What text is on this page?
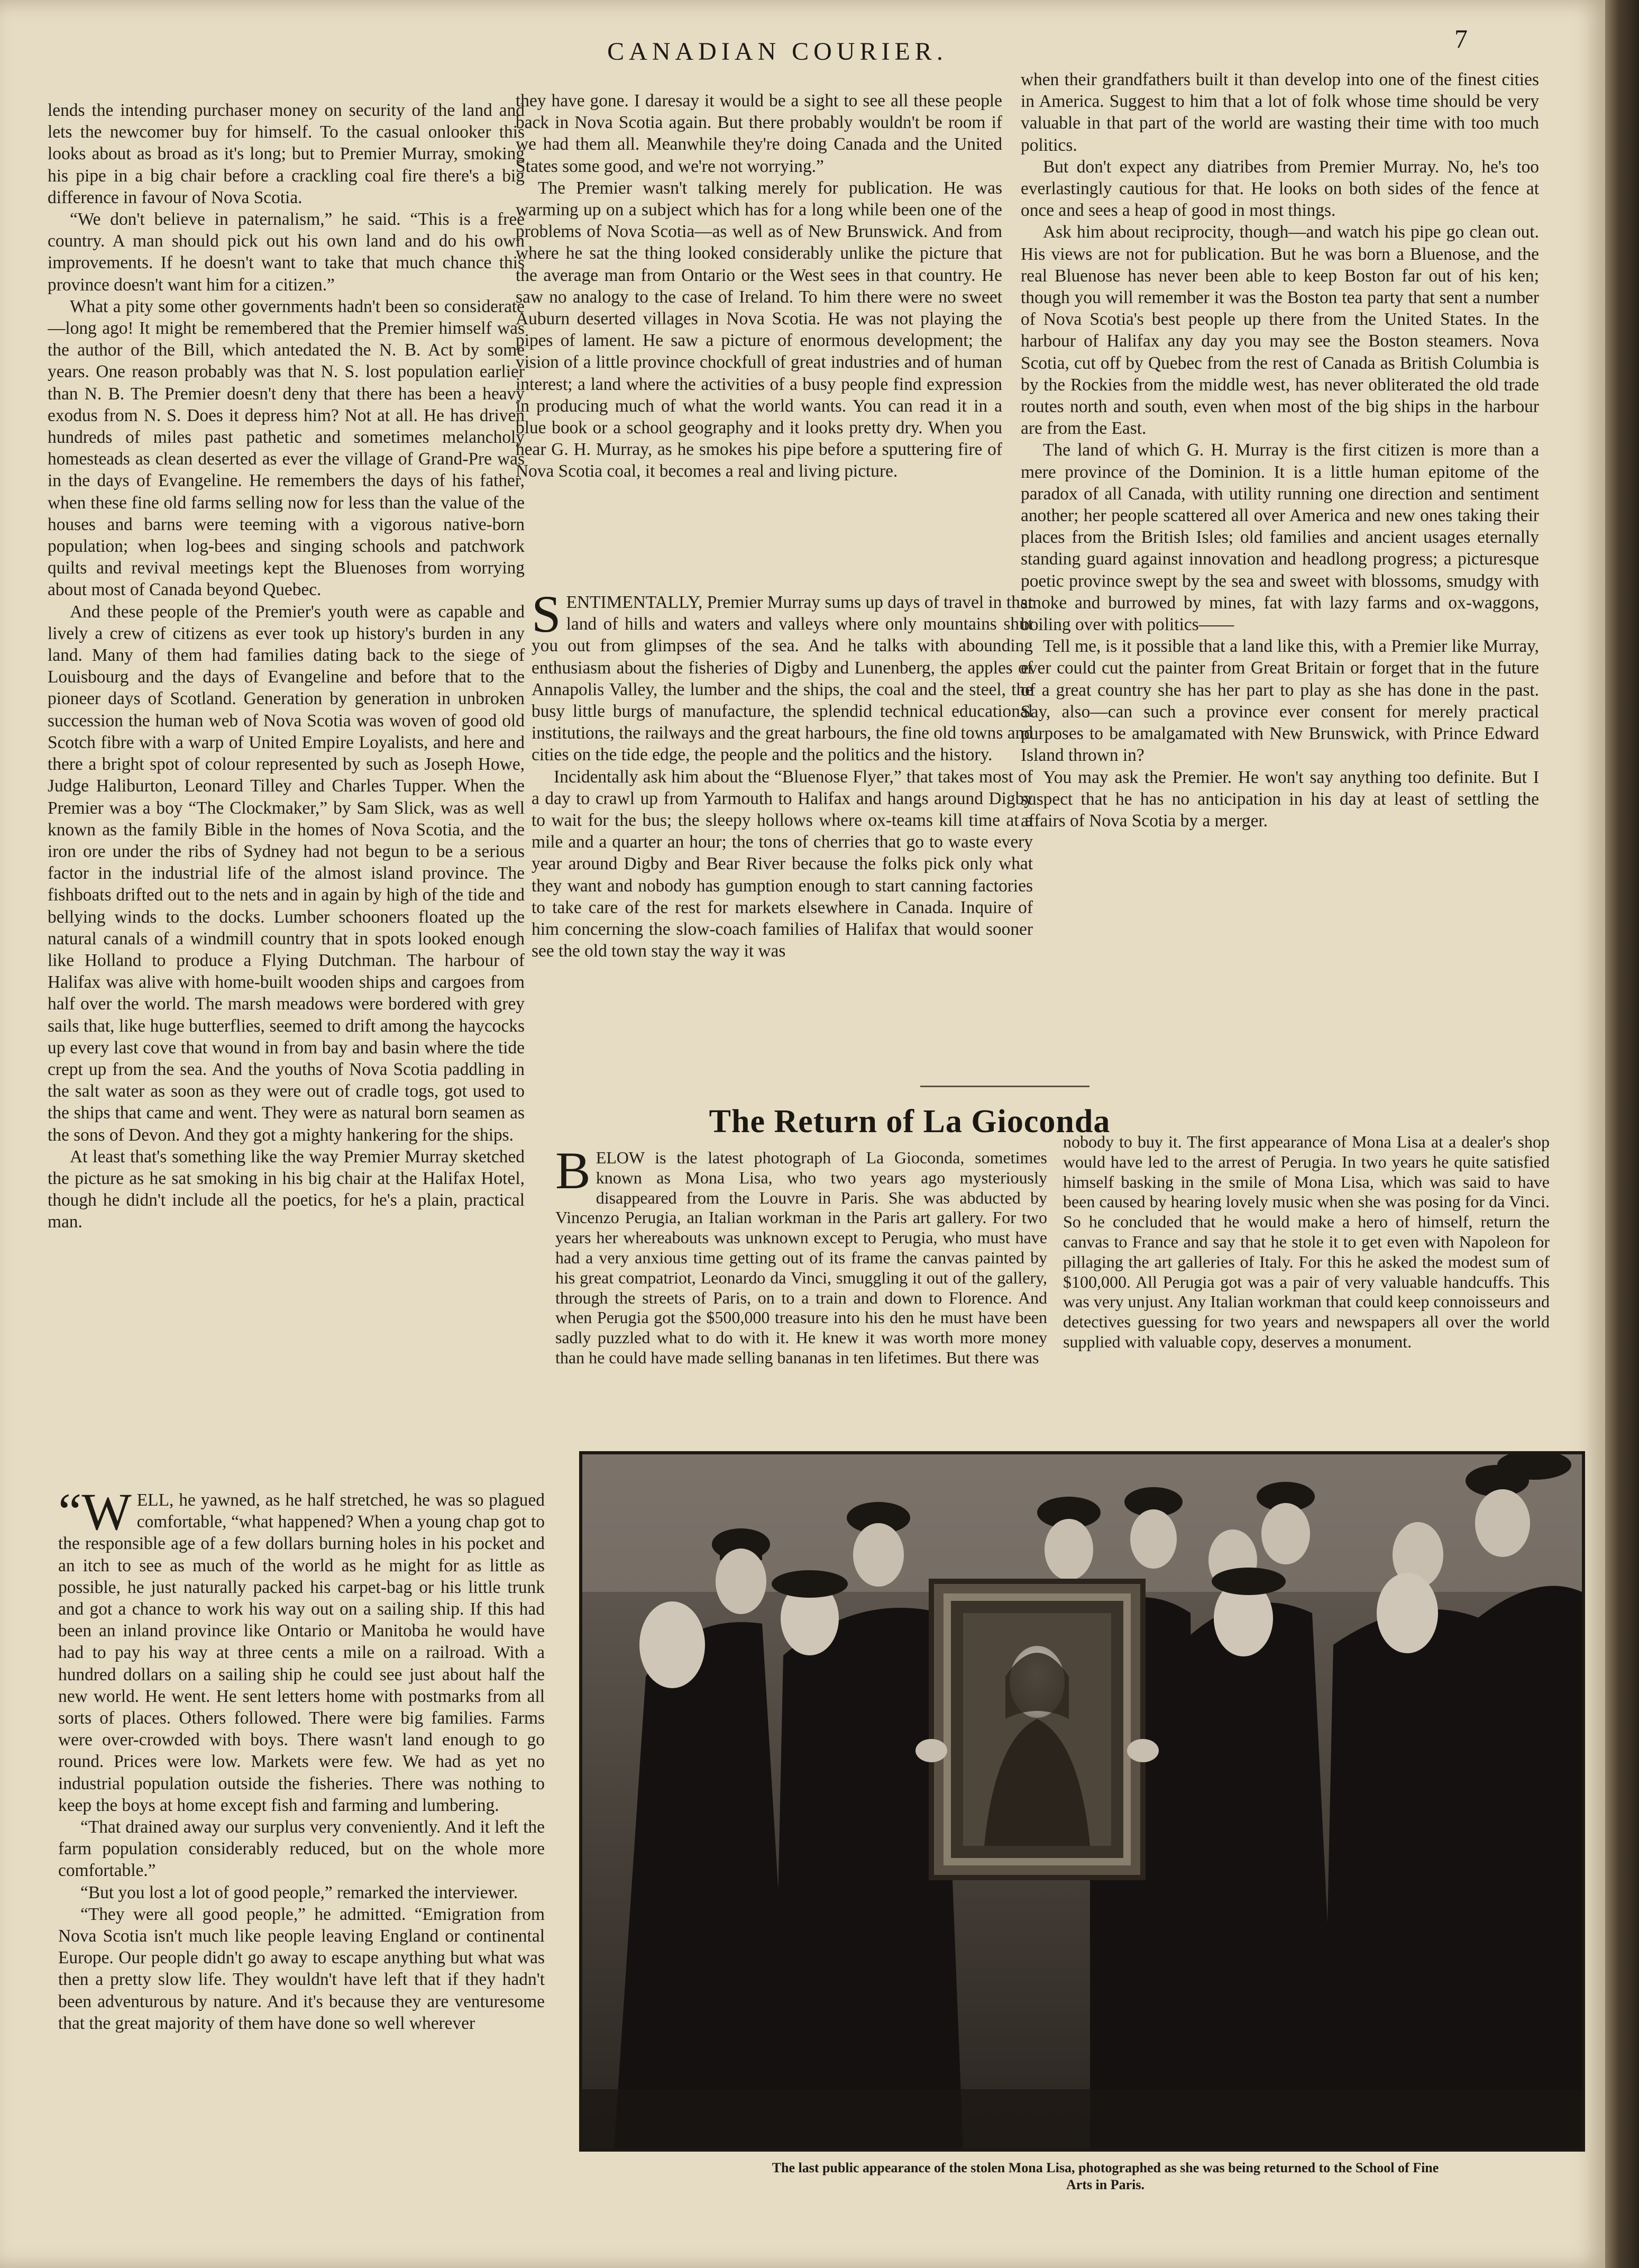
CANADIAN COURIER.	7

lends the intending purchaser money on security of the land and lets the newcomer buy for himself. To the casual onlooker this looks about as broad as it's long; but to Premier Murray, smoking his pipe in a big chair before a crackling coal fire there's a big difference in favour of Nova Scotia.

“We don't believe in paternalism,” he said. “This is a free country. A man should pick out his own land and do his own improvements. If he doesn't want to take that much chance this province doesn't want him for a citizen.”

What a pity some other governments hadn't been so considerate—long ago! It might be remembered that the Premier himself was the author of the Bill, which antedated the N. B. Act by some years. One reason probably was that N. S. lost population earlier than N. B. The Premier doesn't deny that there has been a heavy exodus from N. S. Does it depress him? Not at all. He has driven hundreds of miles past pathetic and sometimes melancholy homesteads as clean deserted as ever the village of Grand-Pre was in the days of Evangeline. He remembers the days of his father, when these fine old farms selling now for less than the value of the houses and barns were teeming with a vigorous native-born population; when log-bees and singing schools and patchwork quilts and revival meetings kept the Bluenoses from worrying about most of Canada beyond Quebec.

And these people of the Premier's youth were as capable and lively a crew of citizens as ever took up history's burden in any land. Many of them had families dating back to the siege of Louisbourg and the days of Evangeline and before that to the pioneer days of Scotland. Generation by generation in unbroken succession the human web of Nova Scotia was woven of good old Scotch fibre with a warp of United Empire Loyalists, and here and there a bright spot of colour represented by such as Joseph Howe, Judge Haliburton, Leonard Tilley and Charles Tupper. When the Premier was a boy “The Clockmaker,” by Sam Slick, was as well known as the family Bible in the homes of Nova Scotia, and the iron ore under the ribs of Sydney had not begun to be a serious factor in the industrial life of the almost island province. The fishboats drifted out to the nets and in again by high of the tide and bellying winds to the docks. Lumber schooners floated up the natural canals of a windmill country that in spots looked enough like Holland to produce a Flying Dutchman. The harbour of Halifax was alive with home-built wooden ships and cargoes from half over the world. The marsh meadows were bordered with grey sails that, like huge butterflies, seemed to drift among the haycocks up every last cove that wound in from bay and basin where the tide crept up from the sea. And the youths of Nova Scotia paddling in the salt water as soon as they were out of cradle togs, got used to the ships that came and went. They were as natural born seamen as the sons of Devon. And they got a mighty hankering for the ships.

At least that's something like the way Premier Murray sketched the picture as he sat smoking in his big chair at the Halifax Hotel, though he didn't include all the poetics, for he's a plain, practical man.

“WELL, he yawned, as he half stretched, he was so plagued comfortable, “what happened? When a young chap got to the responsible age of a few dollars burning holes in his pocket and an itch to see as much of the world as he might for as little as possible, he just naturally packed his carpet-bag or his little trunk and got a chance to work his way out on a sailing ship. If this had been an inland province like Ontario or Manitoba he would have had to pay his way at three cents a mile on a railroad. With a hundred dollars on a sailing ship he could see just about half the new world. He went. He sent letters home with postmarks from all sorts of places. Others followed. There were big families. Farms were over-crowded with boys. There wasn't land enough to go round. Prices were low. Markets were few. We had as yet no industrial population outside the fisheries. There was nothing to keep the boys at home except fish and farming and lumbering.

“That drained away our surplus very conveniently. And it left the farm population considerably reduced, but on the whole more comfortable.”

“But you lost a lot of good people,” remarked the interviewer.

“They were all good people,” he admitted. “Emigration from Nova Scotia isn't much like people leaving England or continental Europe. Our people didn't go away to escape anything but what was then a pretty slow life. They wouldn't have left that if they hadn't been adventurous by nature. And it's because they are venturesome that the great majority of them have done so well wherever

they have gone. I daresay it would be a sight to see all these people back in Nova Scotia again. But there probably wouldn't be room if we had them all. Meanwhile they're doing Canada and the United States some good, and we're not worrying.”

The Premier wasn't talking merely for publication. He was warming up on a subject which has for a long while been one of the problems of Nova Scotia—as well as of New Brunswick. And from where he sat the thing looked considerably unlike the picture that the average man from Ontario or the West sees in that country. He saw no analogy to the case of Ireland. To him there were no sweet Auburn deserted villages in Nova Scotia. He was not playing the pipes of lament. He saw a picture of enormous development; the vision of a little province chockfull of great industries and of human interest; a land where the activities of a busy people find expression in producing much of what the world wants. You can read it in a blue book or a school geography and it looks pretty dry. When you hear G. H. Murray, as he smokes his pipe before a sputtering fire of Nova Scotia coal, it becomes a real and living picture.

SENTIMENTALLY, Premier Murray sums up days of travel in that land of hills and waters and valleys where only mountains shut you out from glimpses of the sea. And he talks with abounding enthusiasm about the fisheries of Digby and Lunenberg, the apples of Annapolis Valley, the lumber and the ships, the coal and the steel, the busy little burgs of manufacture, the splendid technical educational institutions, the railways and the great harbours, the fine old towns and cities on the tide edge, the people and the politics and the history.

Incidentally ask him about the “Bluenose Flyer,” that takes most of a day to crawl up from Yarmouth to Halifax and hangs around Digby to wait for the bus; the sleepy hollows where ox-teams kill time at a mile and a quarter an hour; the tons of cherries that go to waste every year around Digby and Bear River because the folks pick only what they want and nobody has gumption enough to start canning factories to take care of the rest for markets elsewhere in Canada. Inquire of him concerning the slow-coach families of Halifax that would sooner see the old town stay the way it was

when their grandfathers built it than develop into one of the finest cities in America. Suggest to him that a lot of folk whose time should be very valuable in that part of the world are wasting their time with too much politics.

But don't expect any diatribes from Premier Murray. No, he's too everlastingly cautious for that. He looks on both sides of the fence at once and sees a heap of good in most things.

Ask him about reciprocity, though—and watch his pipe go clean out. His views are not for publication. But he was born a Bluenose, and the real Bluenose has never been able to keep Boston far out of his ken; though you will remember it was the Boston tea party that sent a number of Nova Scotia's best people up there from the United States. In the harbour of Halifax any day you may see the Boston steamers. Nova Scotia, cut off by Quebec from the rest of Canada as British Columbia is by the Rockies from the middle west, has never obliterated the old trade routes north and south, even when most of the big ships in the harbour are from the East.

The land of which G. H. Murray is the first citizen is more than a mere province of the Dominion. It is a little human epitome of the paradox of all Canada, with utility running one direction and sentiment another; her people scattered all over America and new ones taking their places from the British Isles; old families and ancient usages eternally standing guard against innovation and headlong progress; a picturesque poetic province swept by the sea and sweet with blossoms, smudgy with smoke and burrowed by mines, fat with lazy farms and ox-waggons, boiling over with politics——

Tell me, is it possible that a land like this, with a Premier like Murray, ever could cut the painter from Great Britain or forget that in the future of a great country she has her part to play as she has done in the past. Say, also—can such a province ever consent for merely practical purposes to be amalgamated with New Brunswick, with Prince Edward Island thrown in?

You may ask the Premier. He won't say anything too definite. But I suspect that he has no anticipation in his day at least of settling the affairs of Nova Scotia by a merger.

The Return of La Gioconda

BELOW is the latest photograph of La Gioconda, sometimes known as Mona Lisa, who two years ago mysteriously disappeared from the Louvre in Paris. She was abducted by Vincenzo Perugia, an Italian workman in the Paris art gallery. For two years her whereabouts was unknown except to Perugia, who must have had a very anxious time getting out of its frame the canvas painted by his great compatriot, Leonardo da Vinci, smuggling it out of the gallery, through the streets of Paris, on to a train and down to Florence. And when Perugia got the $500,000 treasure into his den he must have been sadly puzzled what to do with it. He knew it was worth more money than he could have made selling bananas in ten lifetimes. But there was

nobody to buy it. The first appearance of Mona Lisa at a dealer's shop would have led to the arrest of Perugia. In two years he quite satisfied himself basking in the smile of Mona Lisa, which was said to have been caused by hearing lovely music when she was posing for da Vinci. So he concluded that he would make a hero of himself, return the canvas to France and say that he stole it to get even with Napoleon for pillaging the art galleries of Italy. For this he asked the modest sum of $100,000. All Perugia got was a pair of very valuable handcuffs. This was very unjust. Any Italian workman that could keep connoisseurs and detectives guessing for two years and newspapers all over the world supplied with valuable copy, deserves a monument.

The last public appearance of the stolen Mona Lisa, photographed as she was being returned to the School of Fine
Arts in Paris.
